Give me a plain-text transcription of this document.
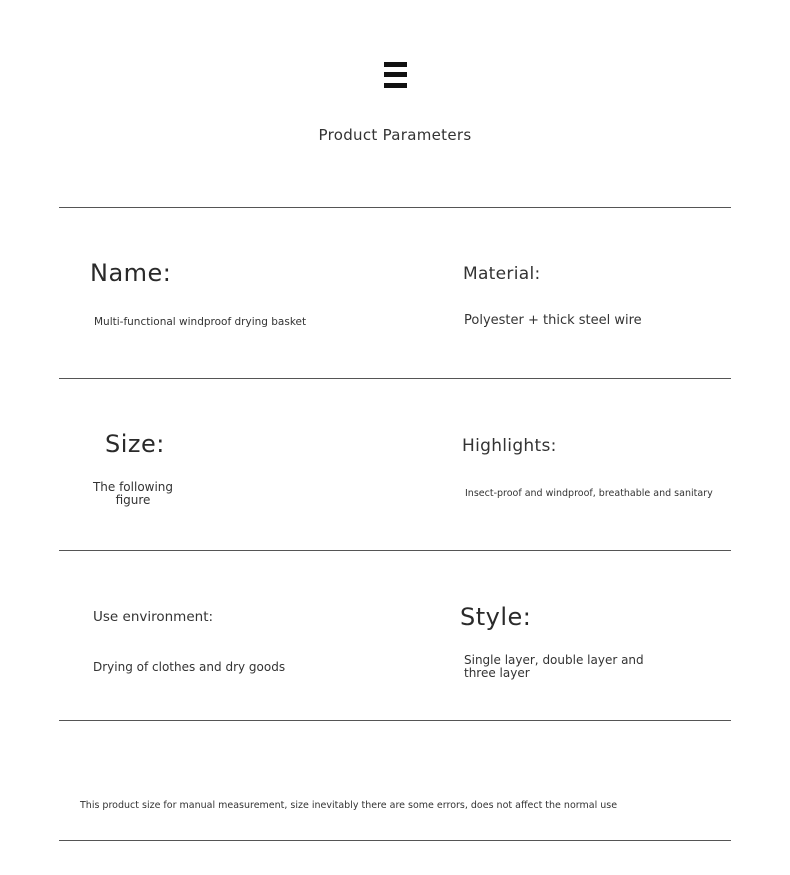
Product Parameters
Name:
Multi-functional windproof drying basket
Material:
Polyester + thick steel wire
Size:
The following figure
Highlights:
Insect-proof and windproof, breathable and sanitary
Use environment:
Drying of clothes and dry goods
Style:
Single layer, double layer and three layer
This product size for manual measurement, size inevitably there are some errors, does not affect the normal use
